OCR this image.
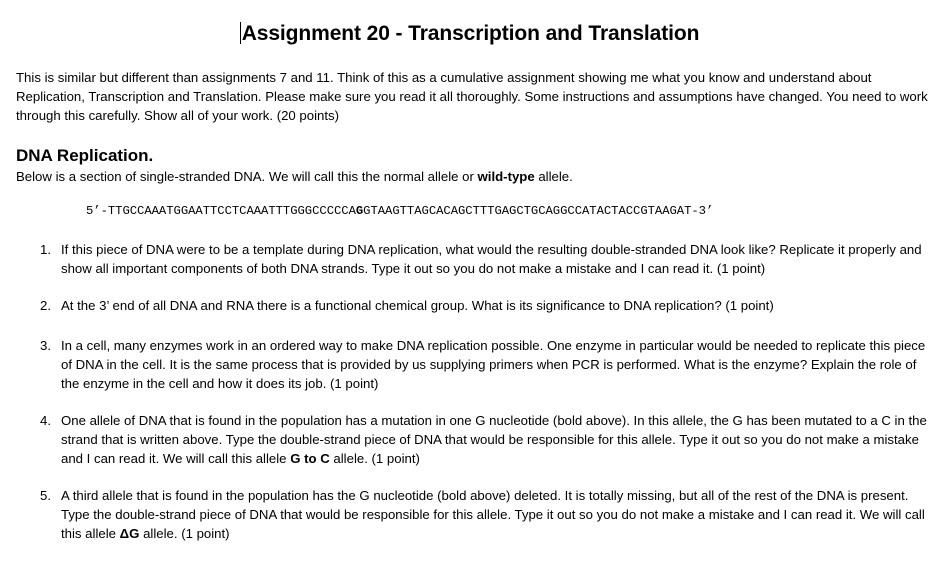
Assignment 20 - Transcription and Translation
This is similar but different than assignments 7 and 11. Think of this as a cumulative assignment showing me what you know and understand about Replication, Transcription and Translation. Please make sure you read it all thoroughly. Some instructions and assumptions have changed. You need to work through this carefully. Show all of your work. (20 points)
DNA Replication.
Below is a section of single-stranded DNA. We will call this the normal allele or wild-type allele.
5’-TTGCCAAATGGAATTCCTCAAATTTGGGCCCCCAGGTAAGTTAGCACAGCTTTGAGCTGCAGGCCATACTACCGTAAGAT-3’
1. If this piece of DNA were to be a template during DNA replication, what would the resulting double-stranded DNA look like? Replicate it properly and show all important components of both DNA strands. Type it out so you do not make a mistake and I can read it. (1 point)
2. At the 3’ end of all DNA and RNA there is a functional chemical group. What is its significance to DNA replication? (1 point)
3. In a cell, many enzymes work in an ordered way to make DNA replication possible. One enzyme in particular would be needed to replicate this piece of DNA in the cell. It is the same process that is provided by us supplying primers when PCR is performed. What is the enzyme? Explain the role of the enzyme in the cell and how it does its job. (1 point)
4. One allele of DNA that is found in the population has a mutation in one G nucleotide (bold above). In this allele, the G has been mutated to a C in the strand that is written above. Type the double-strand piece of DNA that would be responsible for this allele. Type it out so you do not make a mistake and I can read it. We will call this allele G to C allele. (1 point)
5. A third allele that is found in the population has the G nucleotide (bold above) deleted. It is totally missing, but all of the rest of the DNA is present. Type the double-strand piece of DNA that would be responsible for this allele. Type it out so you do not make a mistake and I can read it. We will call this allele ΔG allele. (1 point)
